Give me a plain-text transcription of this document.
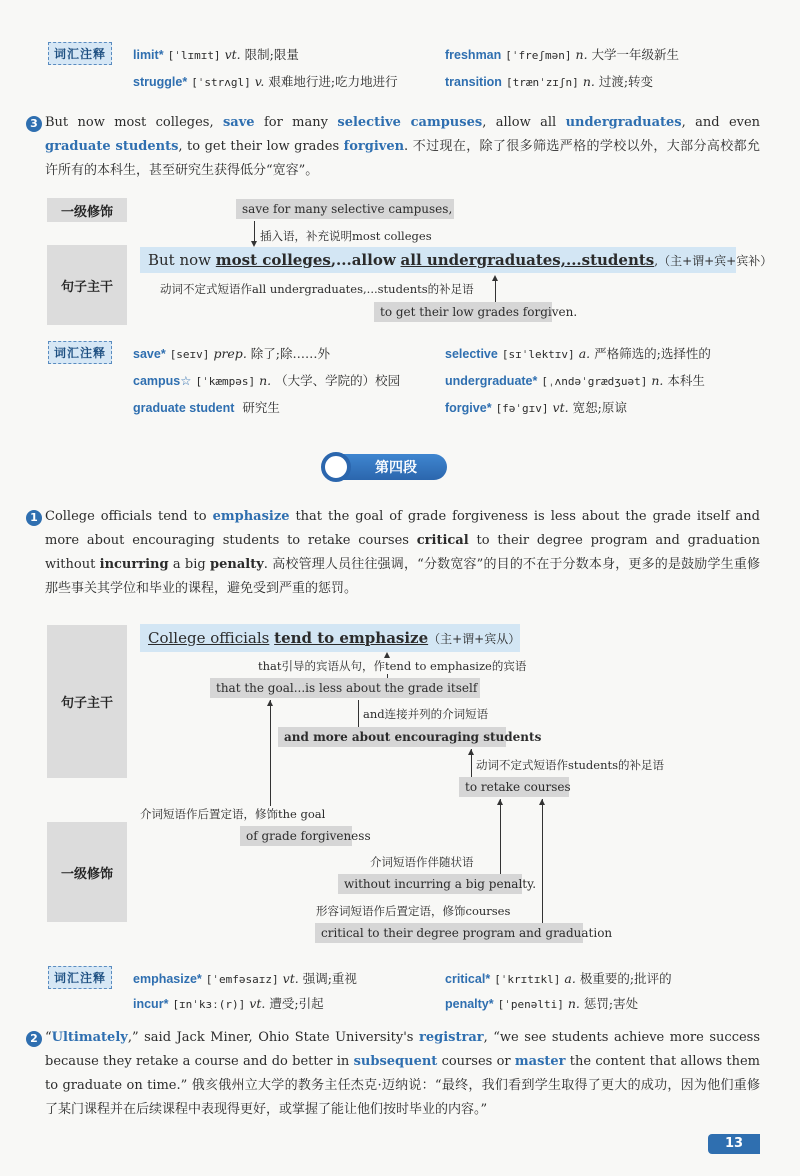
词汇注释	limit* [ˈlɪmɪt] vt. 限制;限量	freshman [ˈfreʃmən] n. 大学一年级新生
struggle* [ˈstrʌgl] v. 艰难地行进;吃力地进行	transition [trænˈzɪʃn] n. 过渡;转变
3 But now most colleges, save for many selective campuses, allow all undergraduates, and even graduate students, to get their low grades forgiven. 不过现在，除了很多筛选严格的学校以外，大部分高校都允许所有的本科生，甚至研究生获得低分“宽容”。
一级修饰
句子主干
save for many selective campuses,
插入语，补充说明most colleges
But now
most colleges ,...allow
all undergraduates,...students ,（主+谓+宾+宾补）
动词不定式短语作all undergraduates,...students的补足语
to get their low grades forgiven.
词汇注释	save* [seɪv] prep. 除了;除……外	selective [sɪˈlektɪv] a. 严格筛选的;选择性的
campus☆ [ˈkæmpəs] n. （大学、学院的）校园	undergraduate* [ˌʌndəˈgrædʒuət] n. 本科生
graduate student 研究生	forgive* [fəˈgɪv] vt. 宽恕;原谅
第四段
1 College officials tend to emphasize that the goal of grade forgiveness is less about the grade itself and more about encouraging students to retake courses critical to their degree program and graduation without incurring a big penalty. 高校管理人员往往强调，“分数宽容”的目的不在于分数本身，更多的是鼓励学生重修那些事关其学位和毕业的课程，避免受到严重的惩罚。
句子主干
一级修饰
College officials
tend to emphasize （主+谓+宾从）
that引导的宾语从句，作tend to emphasize的宾语
that the goal...is less about the grade itself
and连接并列的介词短语
and more about encouraging students
动词不定式短语作students的补足语
to retake courses
介词短语作后置定语，修饰the goal
of grade forgiveness
介词短语作伴随状语
without incurring a big penalty.
形容词短语作后置定语，修饰courses
critical to their degree program and graduation
词汇注释	emphasize* [ˈemfəsaɪz] vt. 强调;重视	critical* [ˈkrɪtɪkl] a. 极重要的;批评的
incur* [ɪnˈkɜː(r)] vt. 遭受;引起	penalty* [ˈpenəlti] n. 惩罚;害处
2 “Ultimately,” said Jack Miner, Ohio State University's registrar, “we see students achieve more success because they retake a course and do better in subsequent courses or master the content that allows them to graduate on time.” 俄亥俄州立大学的教务主任杰克·迈纳说：“最终，我们看到学生取得了更大的成功，因为他们重修了某门课程并在后续课程中表现得更好，或掌握了能让他们按时毕业的内容。”
13
